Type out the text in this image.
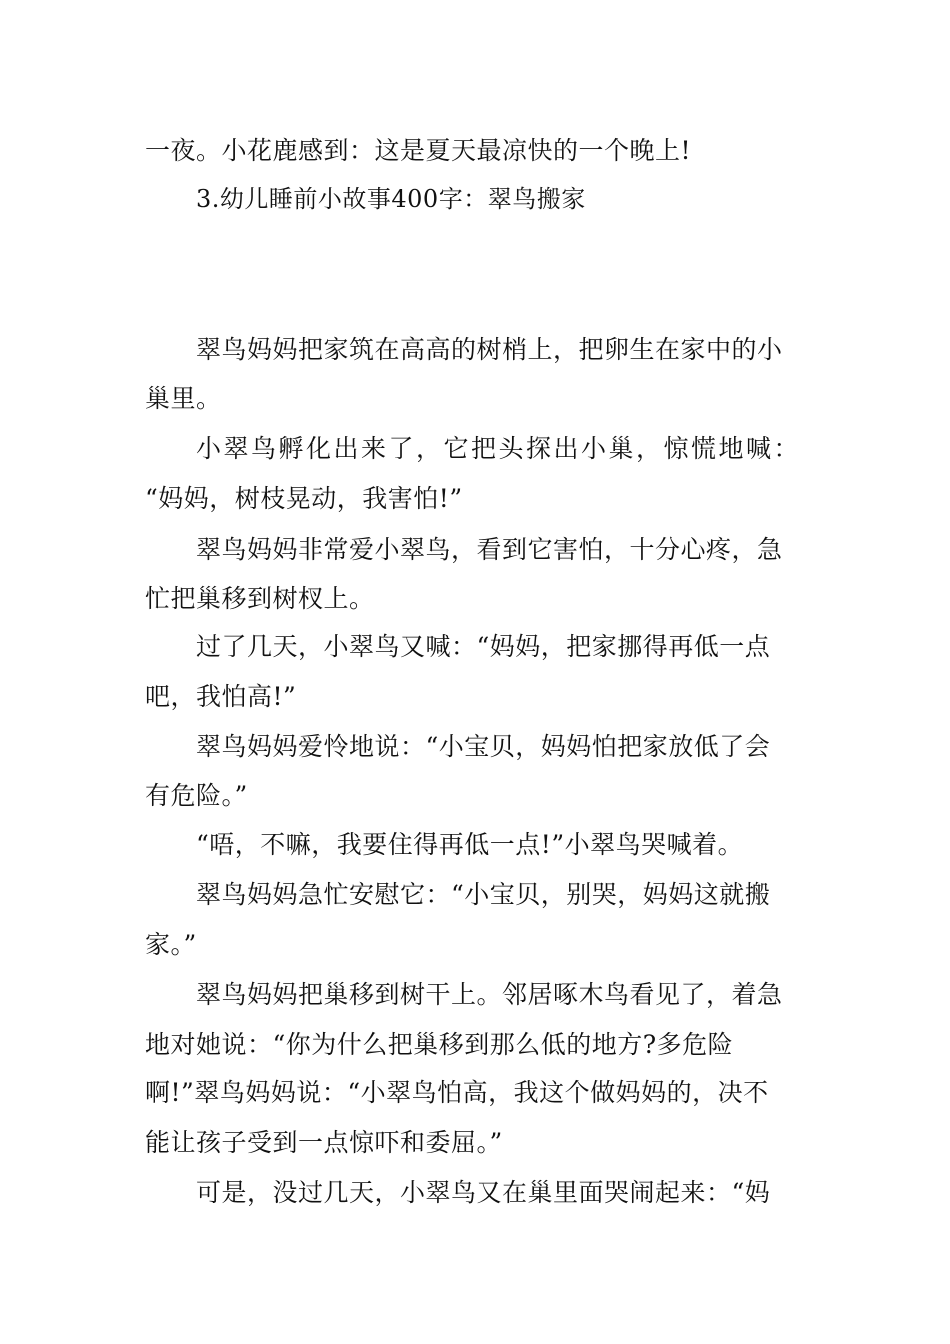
一夜。小花鹿感到：这是夏天最凉快的一个晚上!
3.幼儿睡前小故事400字：翠鸟搬家
翠鸟妈妈把家筑在高高的树梢上，把卵生在家中的小
巢里。
小翠鸟孵化出来了，它把头探出小巢，惊慌地喊：
“妈妈，树枝晃动，我害怕!”
翠鸟妈妈非常爱小翠鸟，看到它害怕，十分心疼，急
忙把巢移到树杈上。
过了几天，小翠鸟又喊：“妈妈，把家挪得再低一点
吧，我怕高!”
翠鸟妈妈爱怜地说：“小宝贝，妈妈怕把家放低了会
有危险。”
“唔，不嘛，我要住得再低一点!”小翠鸟哭喊着。
翠鸟妈妈急忙安慰它：“小宝贝，别哭，妈妈这就搬
家。”
翠鸟妈妈把巢移到树干上。邻居啄木鸟看见了，着急
地对她说：“你为什么把巢移到那么低的地方?多危险
啊!”翠鸟妈妈说：“小翠鸟怕高，我这个做妈妈的，决不
能让孩子受到一点惊吓和委屈。”
可是，没过几天，小翠鸟又在巢里面哭闹起来：“妈
